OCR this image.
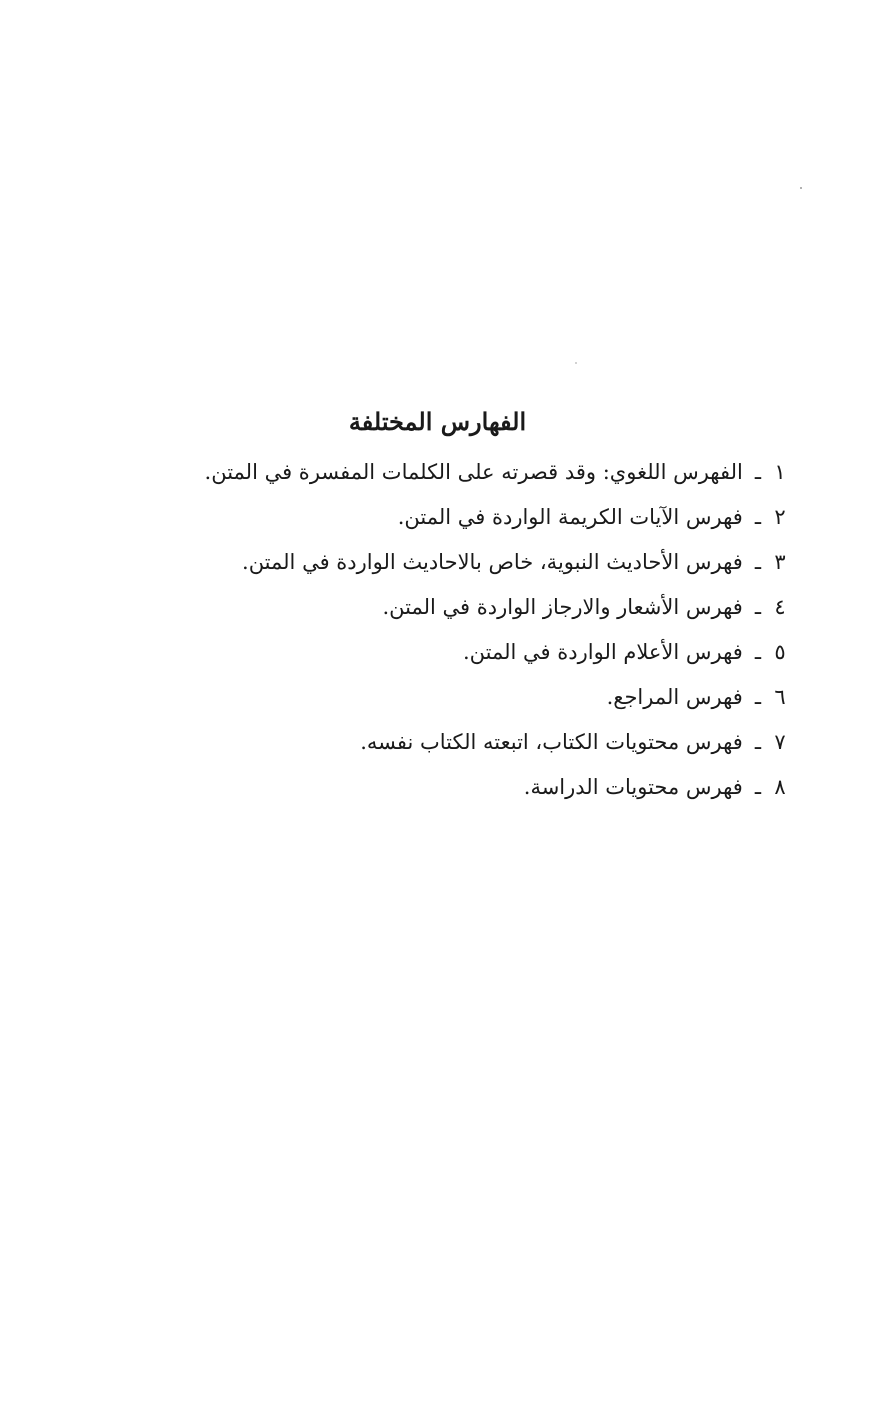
الفهارس المختلفة
١
ـ
الفهرس اللغوي: وقد قصرته على الكلمات المفسرة في المتن.
٢
ـ
فهرس الآيات الكريمة الواردة في المتن.
٣
ـ
فهرس الأحاديث النبوية، خاص بالاحاديث الواردة في المتن.
٤
ـ
فهرس الأشعار والارجاز الواردة في المتن.
٥
ـ
فهرس الأعلام الواردة في المتن.
٦
ـ
فهرس المراجع.
٧
ـ
فهرس محتويات الكتاب، اتبعته الكتاب نفسه.
٨
ـ
فهرس محتويات الدراسة.
